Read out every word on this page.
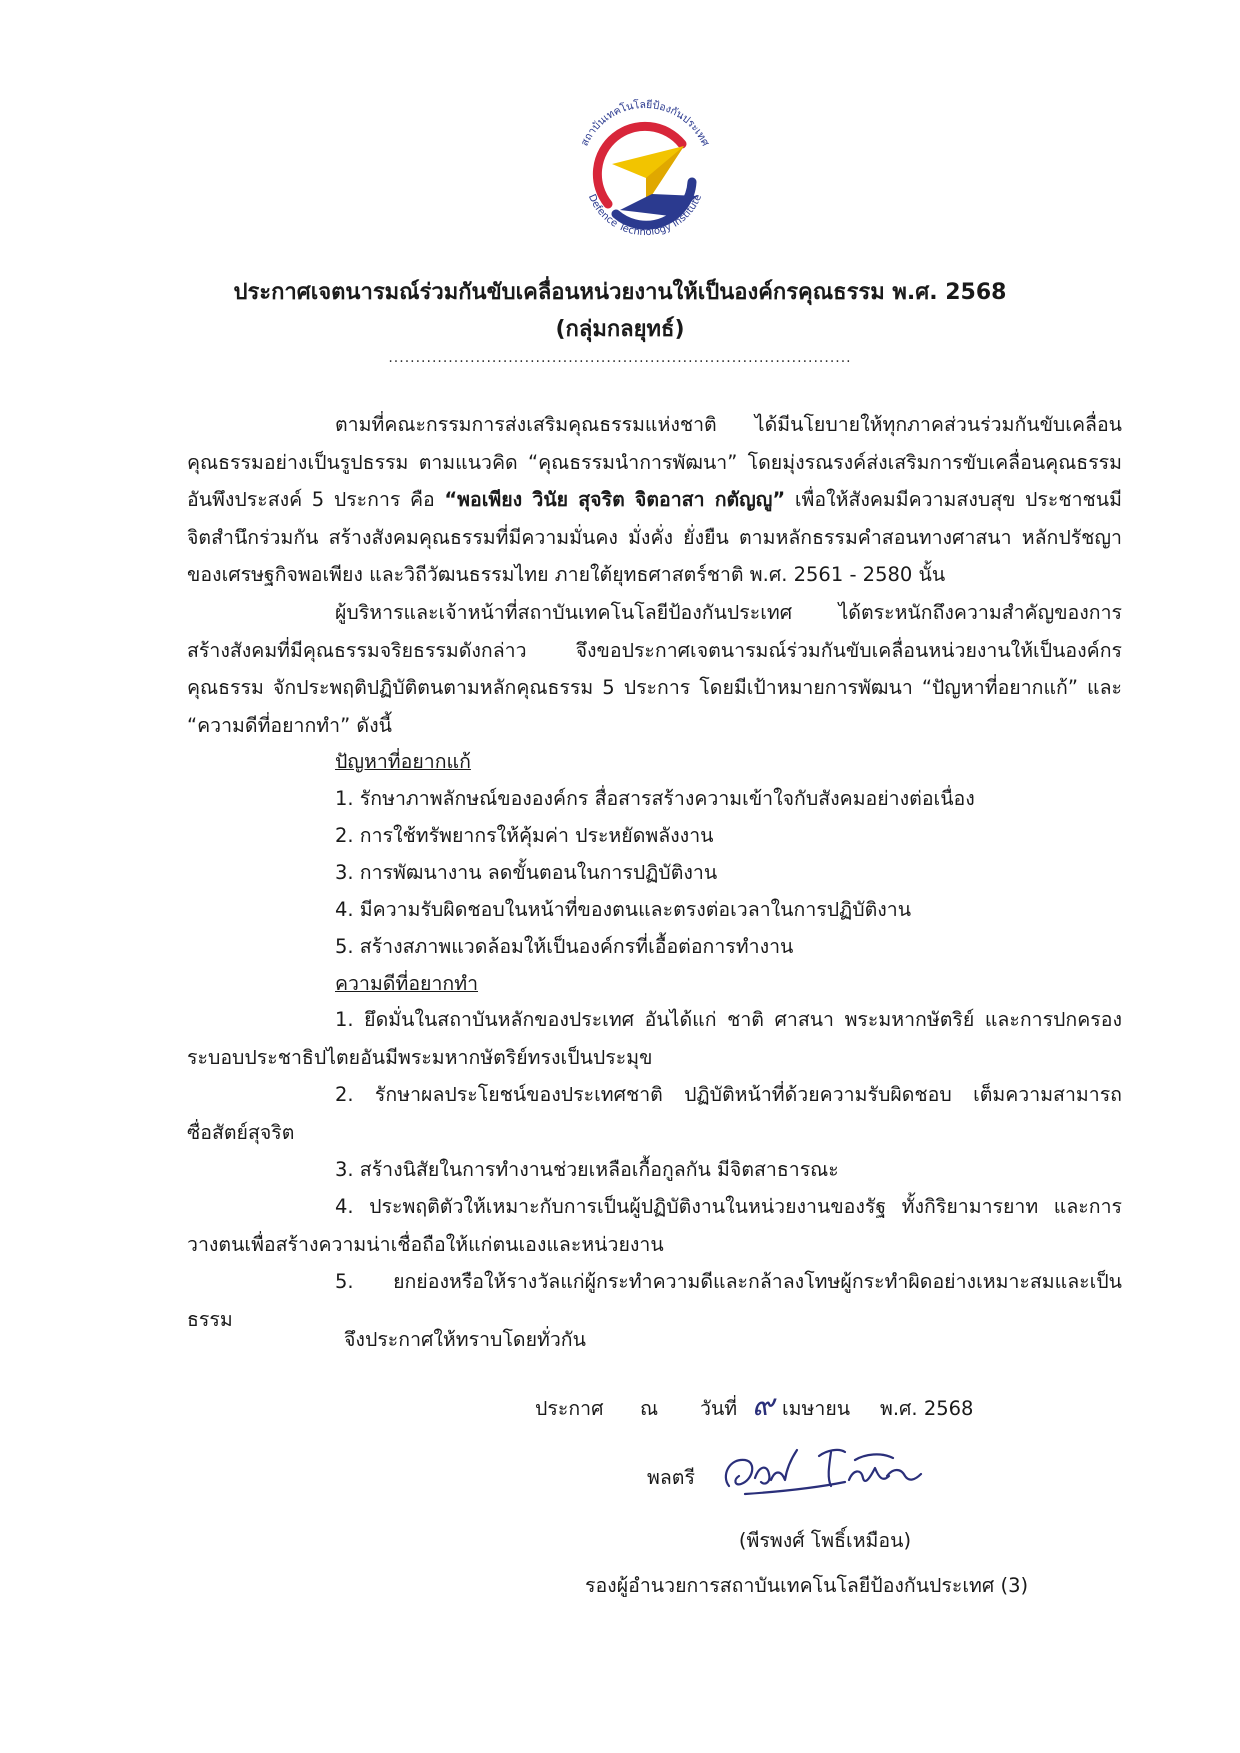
สถาบันเทคโนโลยีป้องกันประเทศ
Defence Technology Institute
ประกาศเจตนารมณ์ร่วมกันขับเคลื่อนหน่วยงานให้เป็นองค์กรคุณธรรม พ.ศ. 2568
(กลุ่มกลยุทธ์)
.....................................................................................

ตามที่คณะกรรมการส่งเสริมคุณธรรมแห่งชาติ ได้มีนโยบายให้ทุกภาคส่วนร่วมกันขับเคลื่อนคุณธรรมอย่างเป็นรูปธรรม ตามแนวคิด “คุณธรรมนำการพัฒนา” โดยมุ่งรณรงค์ส่งเสริมการขับเคลื่อนคุณธรรมอันพึงประสงค์ 5 ประการ คือ “พอเพียง วินัย สุจริต จิตอาสา กตัญญู” เพื่อให้สังคมมีความสงบสุข ประชาชนมีจิตสำนึกร่วมกัน สร้างสังคมคุณธรรมที่มีความมั่นคง มั่งคั่ง ยั่งยืน ตามหลักธรรมคำสอนทางศาสนา หลักปรัชญาของเศรษฐกิจพอเพียง และวิถีวัฒนธรรมไทย ภายใต้ยุทธศาสตร์ชาติ พ.ศ. 2561 - 2580 นั้น

ผู้บริหารและเจ้าหน้าที่สถาบันเทคโนโลยีป้องกันประเทศ ได้ตระหนักถึงความสำคัญของการสร้างสังคมที่มีคุณธรรมจริยธรรมดังกล่าว จึงขอประกาศเจตนารมณ์ร่วมกันขับเคลื่อนหน่วยงานให้เป็นองค์กรคุณธรรม จักประพฤติปฏิบัติตนตามหลักคุณธรรม 5 ประการ โดยมีเป้าหมายการพัฒนา “ปัญหาที่อยากแก้” และ “ความดีที่อยากทำ” ดังนี้

ปัญหาที่อยากแก้
1. รักษาภาพลักษณ์ขององค์กร สื่อสารสร้างความเข้าใจกับสังคมอย่างต่อเนื่อง
2. การใช้ทรัพยากรให้คุ้มค่า ประหยัดพลังงาน
3. การพัฒนางาน ลดขั้นตอนในการปฏิบัติงาน
4. มีความรับผิดชอบในหน้าที่ของตนและตรงต่อเวลาในการปฏิบัติงาน
5. สร้างสภาพแวดล้อมให้เป็นองค์กรที่เอื้อต่อการทำงาน
ความดีที่อยากทำ

1. ยึดมั่นในสถาบันหลักของประเทศ อันได้แก่ ชาติ ศาสนา พระมหากษัตริย์ และการปกครองระบอบประชาธิปไตยอันมีพระมหากษัตริย์ทรงเป็นประมุข

2. รักษาผลประโยชน์ของประเทศชาติ ปฏิบัติหน้าที่ด้วยความรับผิดชอบ เต็มความสามารถ ซื่อสัตย์สุจริต

3. สร้างนิสัยในการทำงานช่วยเหลือเกื้อกูลกัน มีจิตสาธารณะ

4. ประพฤติตัวให้เหมาะกับการเป็นผู้ปฏิบัติงานในหน่วยงานของรัฐ ทั้งกิริยามารยาท และการวางตนเพื่อสร้างความน่าเชื่อถือให้แก่ตนเองและหน่วยงาน

5. ยกย่องหรือให้รางวัลแก่ผู้กระทำความดีและกล้าลงโทษผู้กระทำผิดอย่างเหมาะสมและเป็นธรรม

จึงประกาศให้ทราบโดยทั่วกัน
ประกาศ ณ วันที่ ๙ เมษายน พ.ศ. 2568
พลตรี
(พีรพงศ์ โพธิ์เหมือน)
รองผู้อำนวยการสถาบันเทคโนโลยีป้องกันประเทศ (3)
